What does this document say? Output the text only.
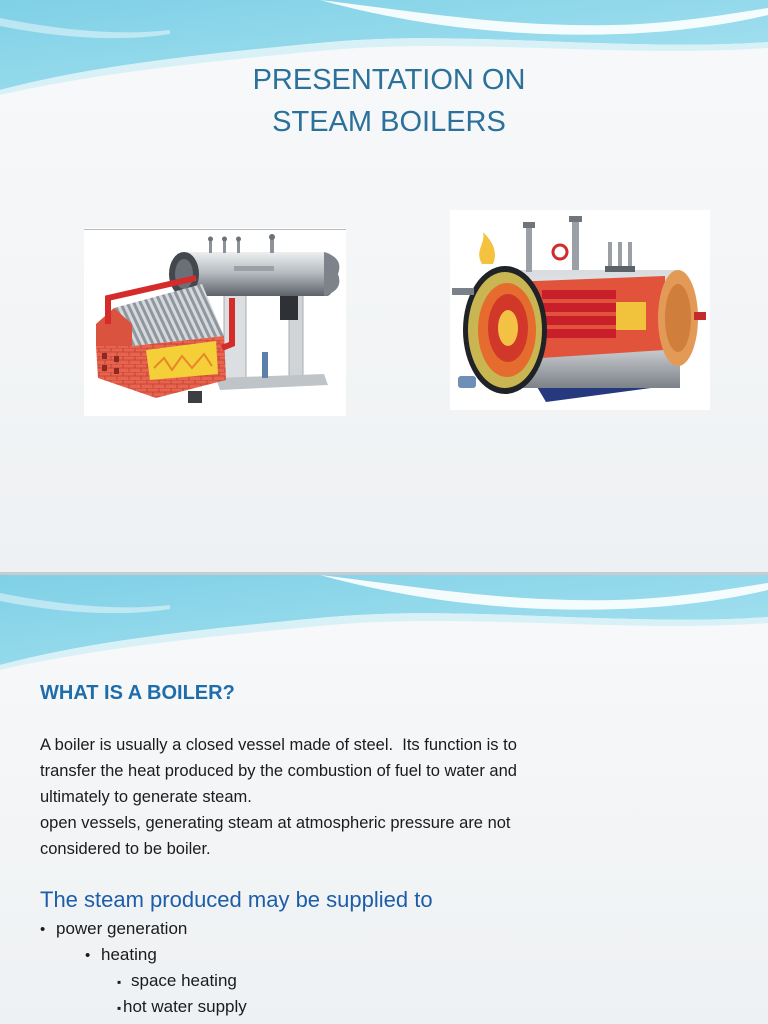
PRESENTATION ON
STEAM BOILERS
WHAT IS A BOILER?
A boiler is usually a closed vessel made of steel.  Its function is to
transfer the heat produced by the combustion of fuel to water and
ultimately to generate steam.
open vessels, generating steam at atmospheric pressure are not
considered to be boiler.
The steam produced may be supplied to
• power generation
• heating
▪ space heating
▪ hot water supply
